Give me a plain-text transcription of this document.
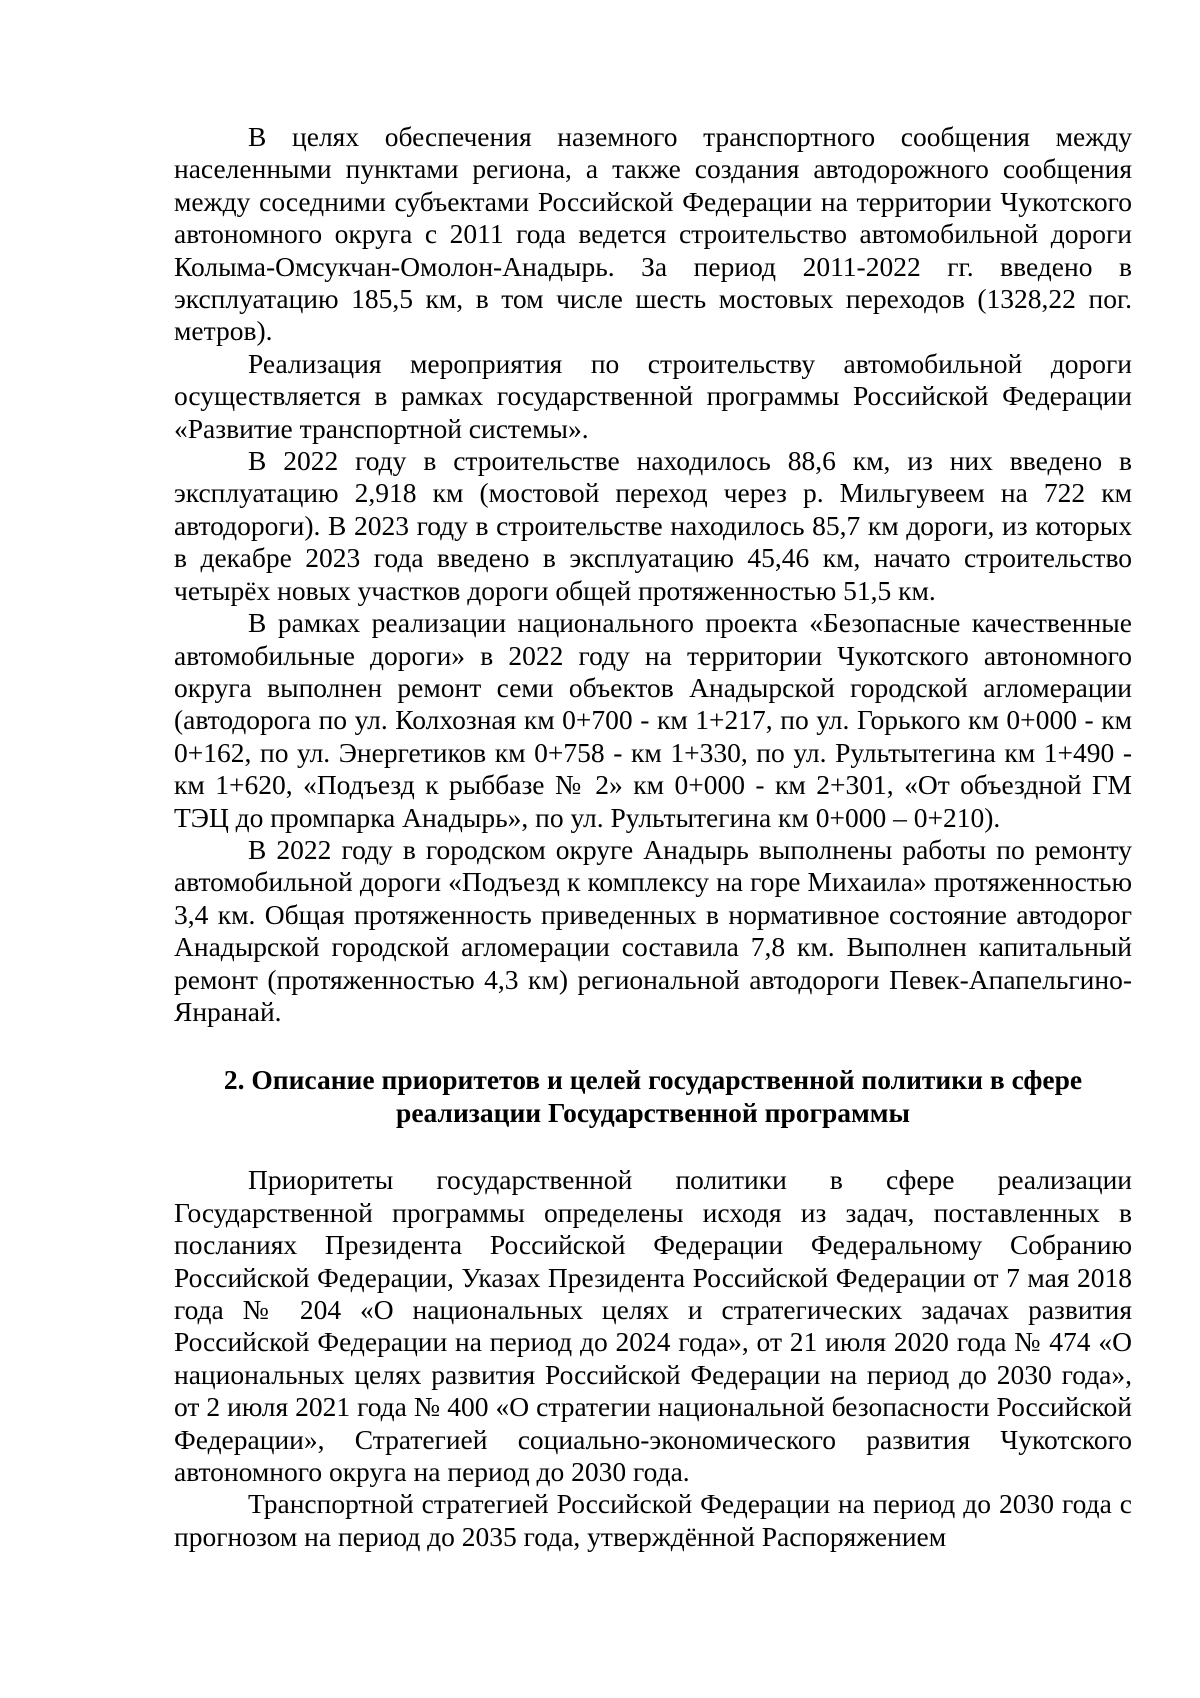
В целях обеспечения наземного транспортного сообщения между населенными пунктами региона, а также создания автодорожного сообщения между соседними субъектами Российской Федерации на территории Чукотского автономного округа с 2011 года ведется строительство автомобильной дороги Колыма-Омсукчан-Омолон-Анадырь. За период 2011-2022 гг. введено в эксплуатацию 185,5 км, в том числе шесть мостовых переходов (1328,22 пог. метров).

Реализация мероприятия по строительству автомобильной дороги осуществляется в рамках государственной программы Российской Федерации «Развитие транспортной системы».

В 2022 году в строительстве находилось 88,6 км, из них введено в эксплуатацию 2,918 км (мостовой переход через р. Мильгувеем на 722 км автодороги). В 2023 году в строительстве находилось 85,7 км дороги, из которых в декабре 2023 года введено в эксплуатацию 45,46 км, начато строительство четырёх новых участков дороги общей протяженностью 51,5 км.

В рамках реализации национального проекта «Безопасные качественные автомобильные дороги» в 2022 году на территории Чукотского автономного округа выполнен ремонт семи объектов Анадырской городской агломерации (автодорога по ул. Колхозная км 0+700 - км 1+217, по ул. Горького км 0+000 - км 0+162, по ул. Энергетиков км 0+758 - км 1+330, по ул. Рультытегина км 1+490 - км 1+620, «Подъезд к рыббазе № 2» км 0+000 - км 2+301, «От объездной ГМ ТЭЦ до промпарка Анадырь», по ул. Рультытегина км 0+000 – 0+210).

В 2022 году в городском округе Анадырь выполнены работы по ремонту автомобильной дороги «Подъезд к комплексу на горе Михаила» протяженностью 3,4 км. Общая протяженность приведенных в нормативное состояние автодорог Анадырской городской агломерации составила 7,8 км. Выполнен капитальный ремонт (протяженностью 4,3 км) региональной автодороги Певек-Апапельгино-Янранай.

2. Описание приоритетов и целей государственной политики в сфере
реализации Государственной программы

Приоритеты государственной политики в сфере реализации Государственной программы определены исходя из задач, поставленных в посланиях Президента Российской Федерации Федеральному Собранию Российской Федерации, Указах Президента Российской Федерации от 7 мая 2018 года № 204 «О национальных целях и стратегических задачах развития Российской Федерации на период до 2024 года», от 21 июля 2020 года № 474 «О национальных целях развития Российской Федерации на период до 2030 года», от 2 июля 2021 года № 400 «О стратегии национальной безопасности Российской Федерации», Стратегией социально-экономического развития Чукотского автономного округа на период до 2030 года.

Транспортной стратегией Российской Федерации на период до 2030 года с прогнозом на период до 2035 года, утверждённой Распоряжением
